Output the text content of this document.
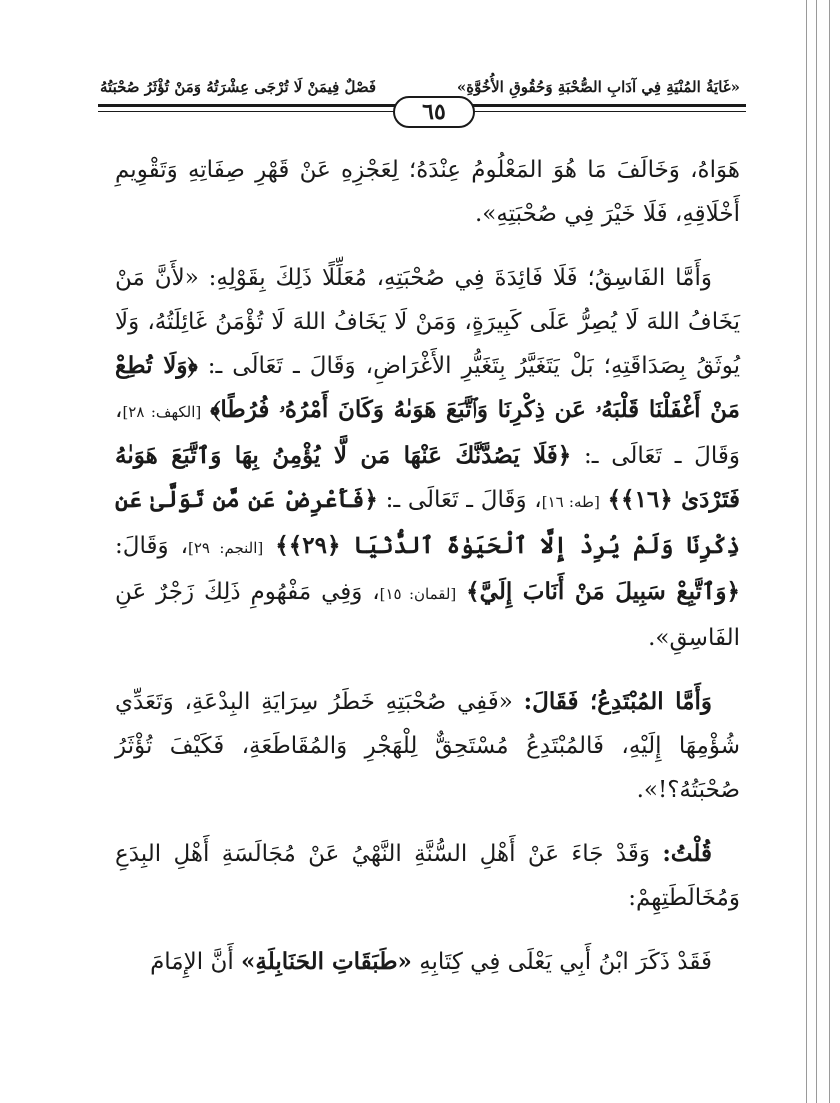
«غَايَةُ المُنْيَةِ فِي آدَابِ الصُّحْبَةِ وَحُقُوقِ الأُخُوَّةِ»
فَصْلٌ فِيمَنْ لَا تُرْجَى عِشْرَتُهُ وَمَنْ تُؤْثَرُ صُحْبَتُهُ
٦٥

هَوَاهُ، وَخَالَفَ مَا هُوَ المَعْلُومُ عِنْدَهُ؛ لِعَجْزِهِ عَنْ قَهْرِ صِفَاتِهِ وَتَقْوِيمِ أَخْلَاقِهِ، فَلَا خَيْرَ فِي صُحْبَتِهِ».

وَأَمَّا الفَاسِقُ؛ فَلَا فَائِدَةَ فِي صُحْبَتِهِ، مُعَلِّلًا ذَلِكَ بِقَوْلِهِ: «لأَنَّ مَنْ يَخَافُ اللهَ لَا يُصِرُّ عَلَى كَبِيرَةٍ، وَمَنْ لَا يَخَافُ اللهَ لَا تُؤْمَنُ غَائِلَتُهُ، وَلَا يُوثَقُ بِصَدَاقَتِهِ؛ بَلْ يَتَغَيَّرُ بِتَغَيُّرِ الأَغْرَاضِ، وَقَالَ ـ تَعَالَى ـ: ﴿وَلَا تُطِعْ مَنْ أَغْفَلْنَا قَلْبَهُۥ عَن ذِكْرِنَا وَٱتَّبَعَ هَوَىٰهُ وَكَانَ أَمْرُهُۥ فُرُطًا﴾ [الكهف: ٢٨]، وَقَالَ ـ تَعَالَى ـ: ﴿فَلَا يَصُدَّنَّكَ عَنْهَا مَن لَّا يُؤْمِنُ بِهَا وَٱتَّبَعَ هَوَىٰهُ فَتَرْدَىٰ ﴿١٦﴾﴾ [طه: ١٦]، وَقَالَ ـ تَعَالَى ـ: ﴿فَأَعْرِضْ عَن مَّن تَوَلَّىٰ عَن ذِكْرِنَا وَلَمْ يُرِدْ إِلَّا ٱلْحَيَوٰةَ ٱلدُّنْيَا ﴿٢٩﴾﴾ [النجم: ٢٩]، وَقَالَ: ﴿وَٱتَّبِعْ سَبِيلَ مَنْ أَنَابَ إِلَيَّ﴾ [لقمان: ١٥]، وَفِي مَفْهُومِ ذَلِكَ زَجْرٌ عَنِ الفَاسِقِ».

وَأَمَّا المُبْتَدِعُ؛ فَقَالَ: «فَفِي صُحْبَتِهِ خَطَرُ سِرَايَةِ البِدْعَةِ، وَتَعَدِّي شُؤْمِهَا إِلَيْهِ، فَالمُبْتَدِعُ مُسْتَحِقٌّ لِلْهَجْرِ وَالمُقَاطَعَةِ، فَكَيْفَ تُؤْثَرُ صُحْبَتُهُ؟!».

قُلْتُ: وَقَدْ جَاءَ عَنْ أَهْلِ السُّنَّةِ النَّهْيُ عَنْ مُجَالَسَةِ أَهْلِ البِدَعِ وَمُخَالَطَتِهِمْ:

فَقَدْ ذَكَرَ ابْنُ أَبِي يَعْلَى فِي كِتَابِهِ «طَبَقَاتِ الحَنَابِلَةِ» أَنَّ الإِمَامَ
